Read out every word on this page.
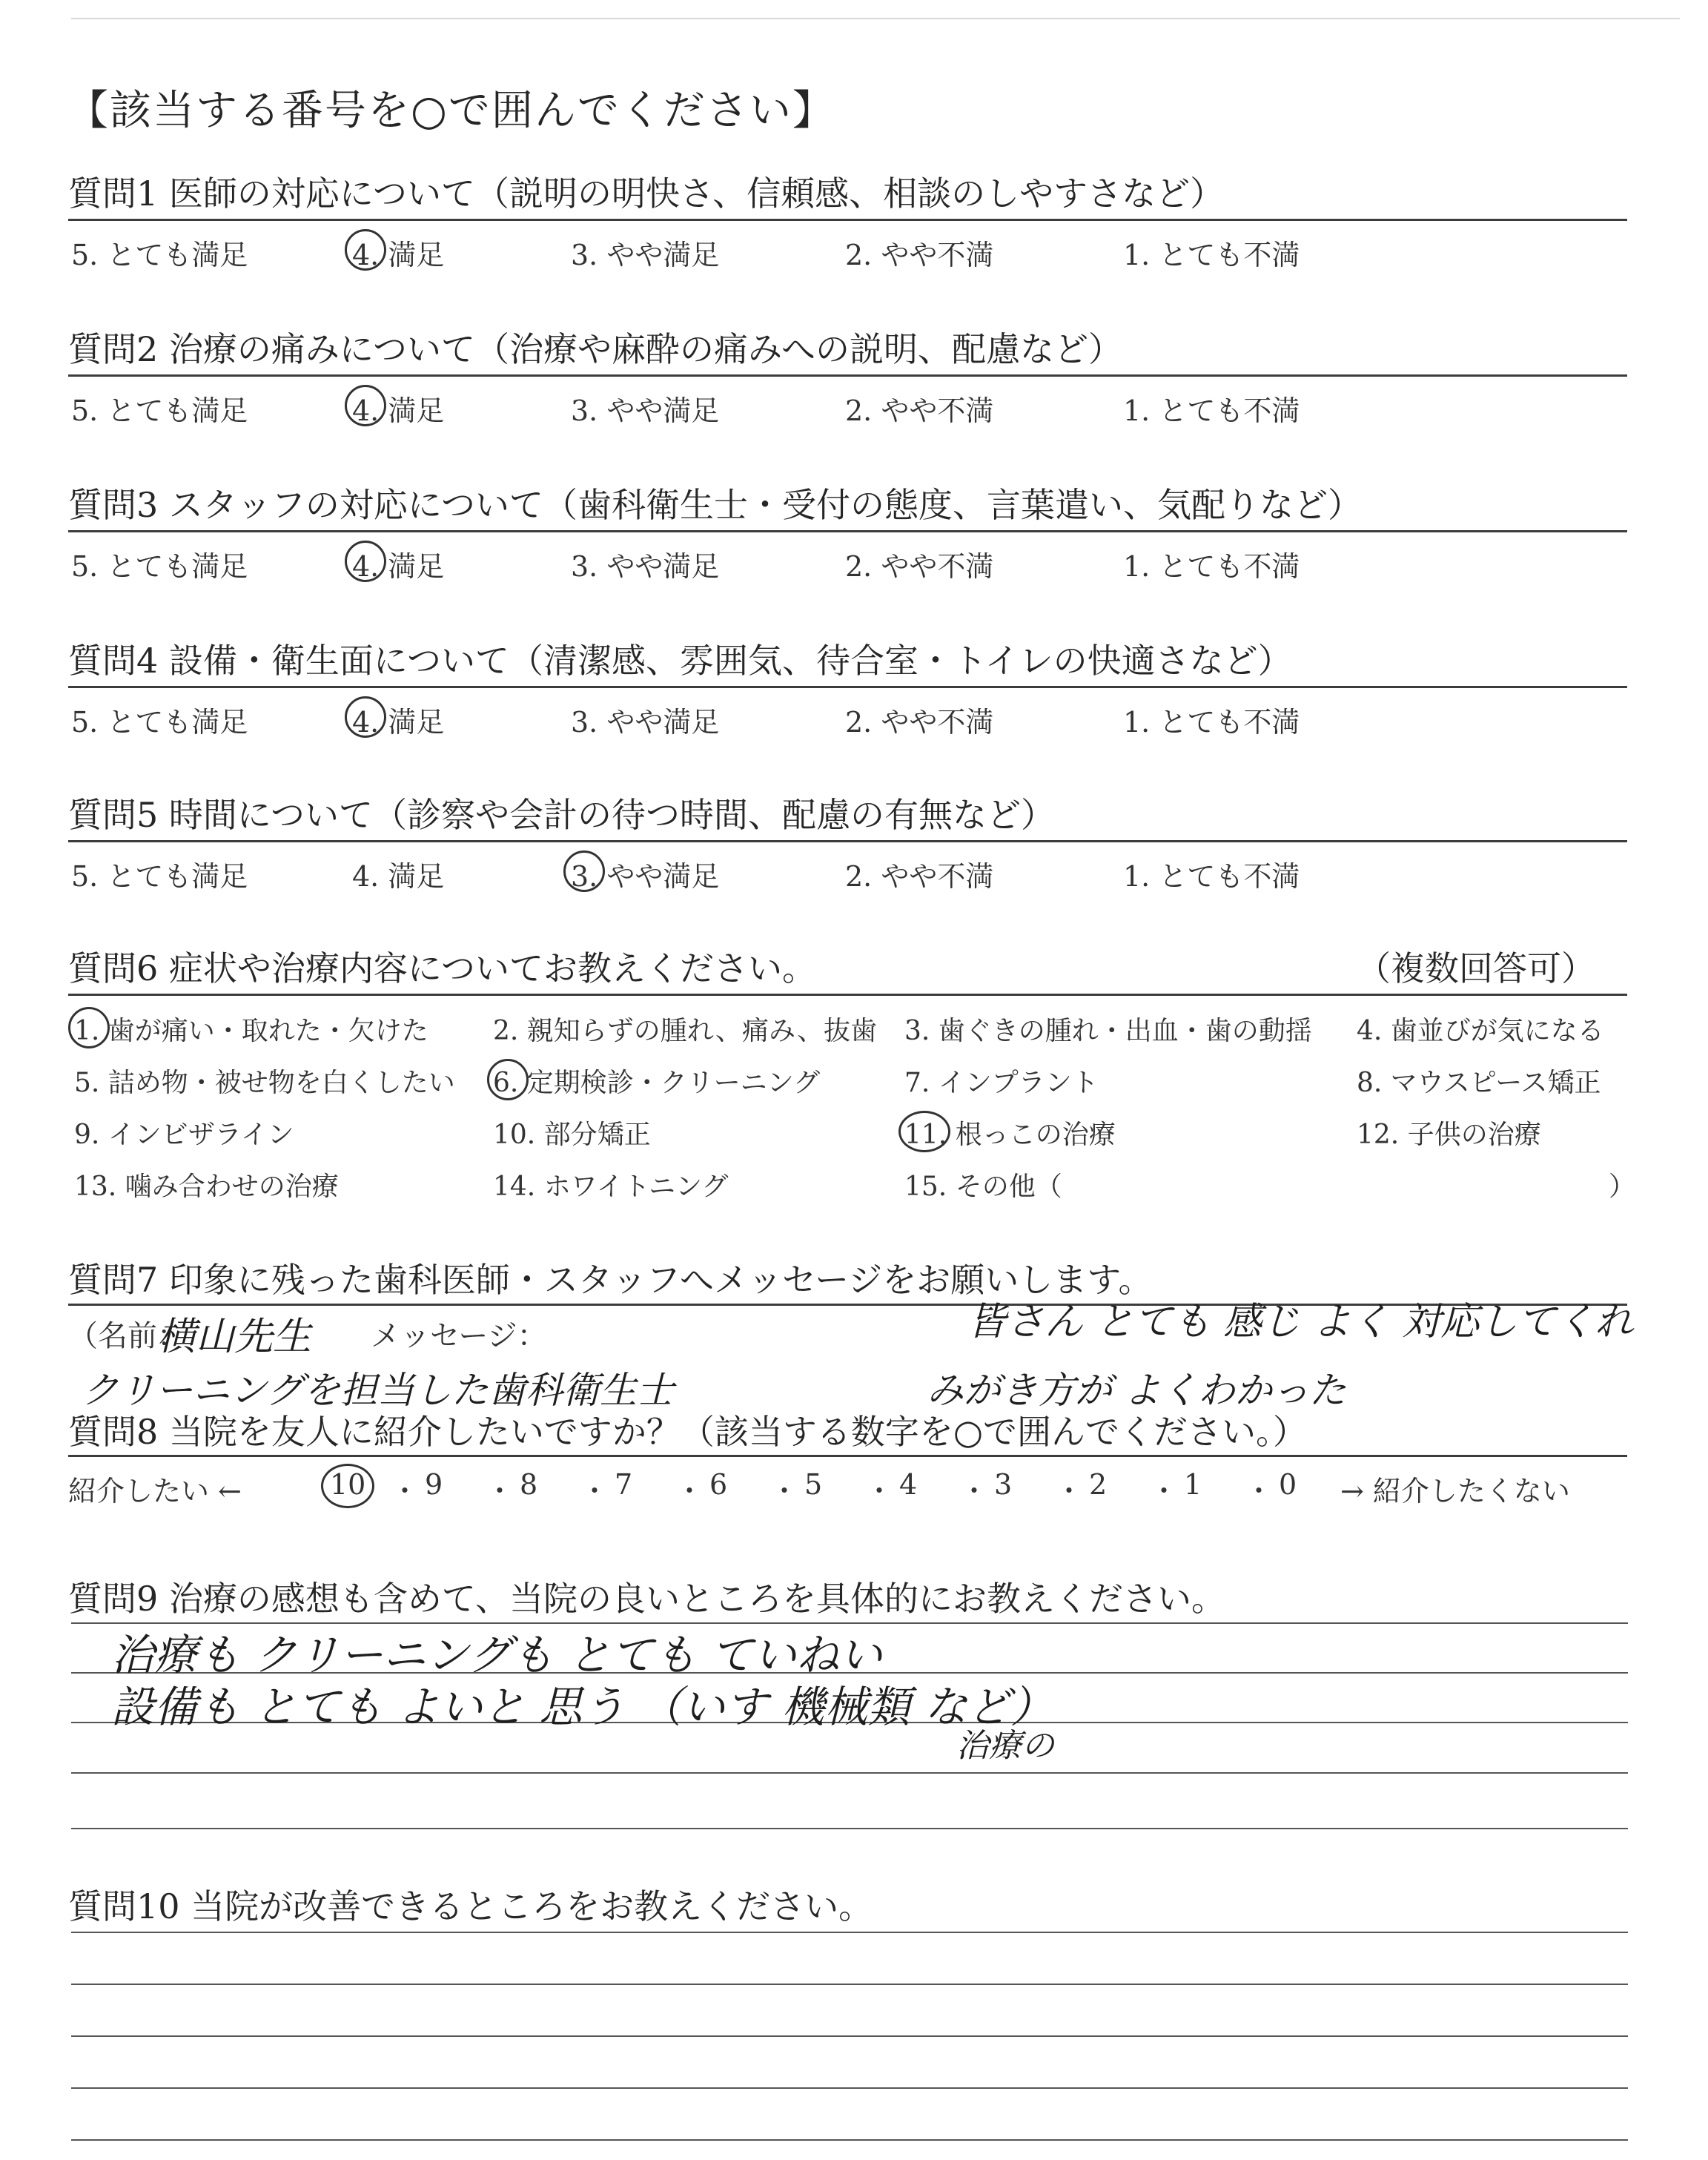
【該当する番号を○で囲んでください】
質問1 医師の対応について（説明の明快さ、信頼感、相談のしやすさなど）
5. とても満足	4. 満足	3. やや満足	2. やや不満	1. とても不満
質問2 治療の痛みについて（治療や麻酔の痛みへの説明、配慮など）
5. とても満足	4. 満足	3. やや満足	2. やや不満	1. とても不満
質問3 スタッフの対応について（歯科衛生士・受付の態度、言葉遣い、気配りなど）
5. とても満足	4. 満足	3. やや満足	2. やや不満	1. とても不満
質問4 設備・衛生面について（清潔感、雰囲気、待合室・トイレの快適さなど）
5. とても満足	4. 満足	3. やや満足	2. やや不満	1. とても不満
質問5 時間について（診察や会計の待つ時間、配慮の有無など）
5. とても満足	4. 満足	3. やや満足	2. やや不満	1. とても不満
質問6 症状や治療内容についてお教えください。	（複数回答可）
1. 歯が痛い・取れた・欠けた 2. 親知らずの腫れ、痛み、抜歯 3. 歯ぐきの腫れ・出血・歯の動揺 4. 歯並びが気になる
5. 詰め物・被せ物を白くしたい 6. 定期検診・クリーニング	7. インプラント	8. マウスピース矯正
9. インビザライン	10. 部分矯正	11. 根っこの治療	12. 子供の治療
13. 噛み合わせの治療	14. ホワイトニング	15. その他（	）
質問7 印象に残った歯科医師・スタッフへメッセージをお願いします。
（名前：
横山先生 メッセージ：	皆さん とても 感じ よく 対応してくれ
クリーニングを担当した歯科衛生士	みがき方が よくわかった
質問8 当院を友人に紹介したいですか？（該当する数字を○で囲んでください。）
紹介したい ←	10 ・ 9 ・ 8 ・ 7 ・ 6 ・ 5 ・ 4 ・ 3 ・ 2 ・ 1 ・ 0 → 紹介したくない
質問9 治療の感想も含めて、当院の良いところを具体的にお教えください。
治療も クリーニングも とても ていねい
設備も とても よいと 思う （いす 機械類 など）
治療の
質問10 当院が改善できるところをお教えください。
